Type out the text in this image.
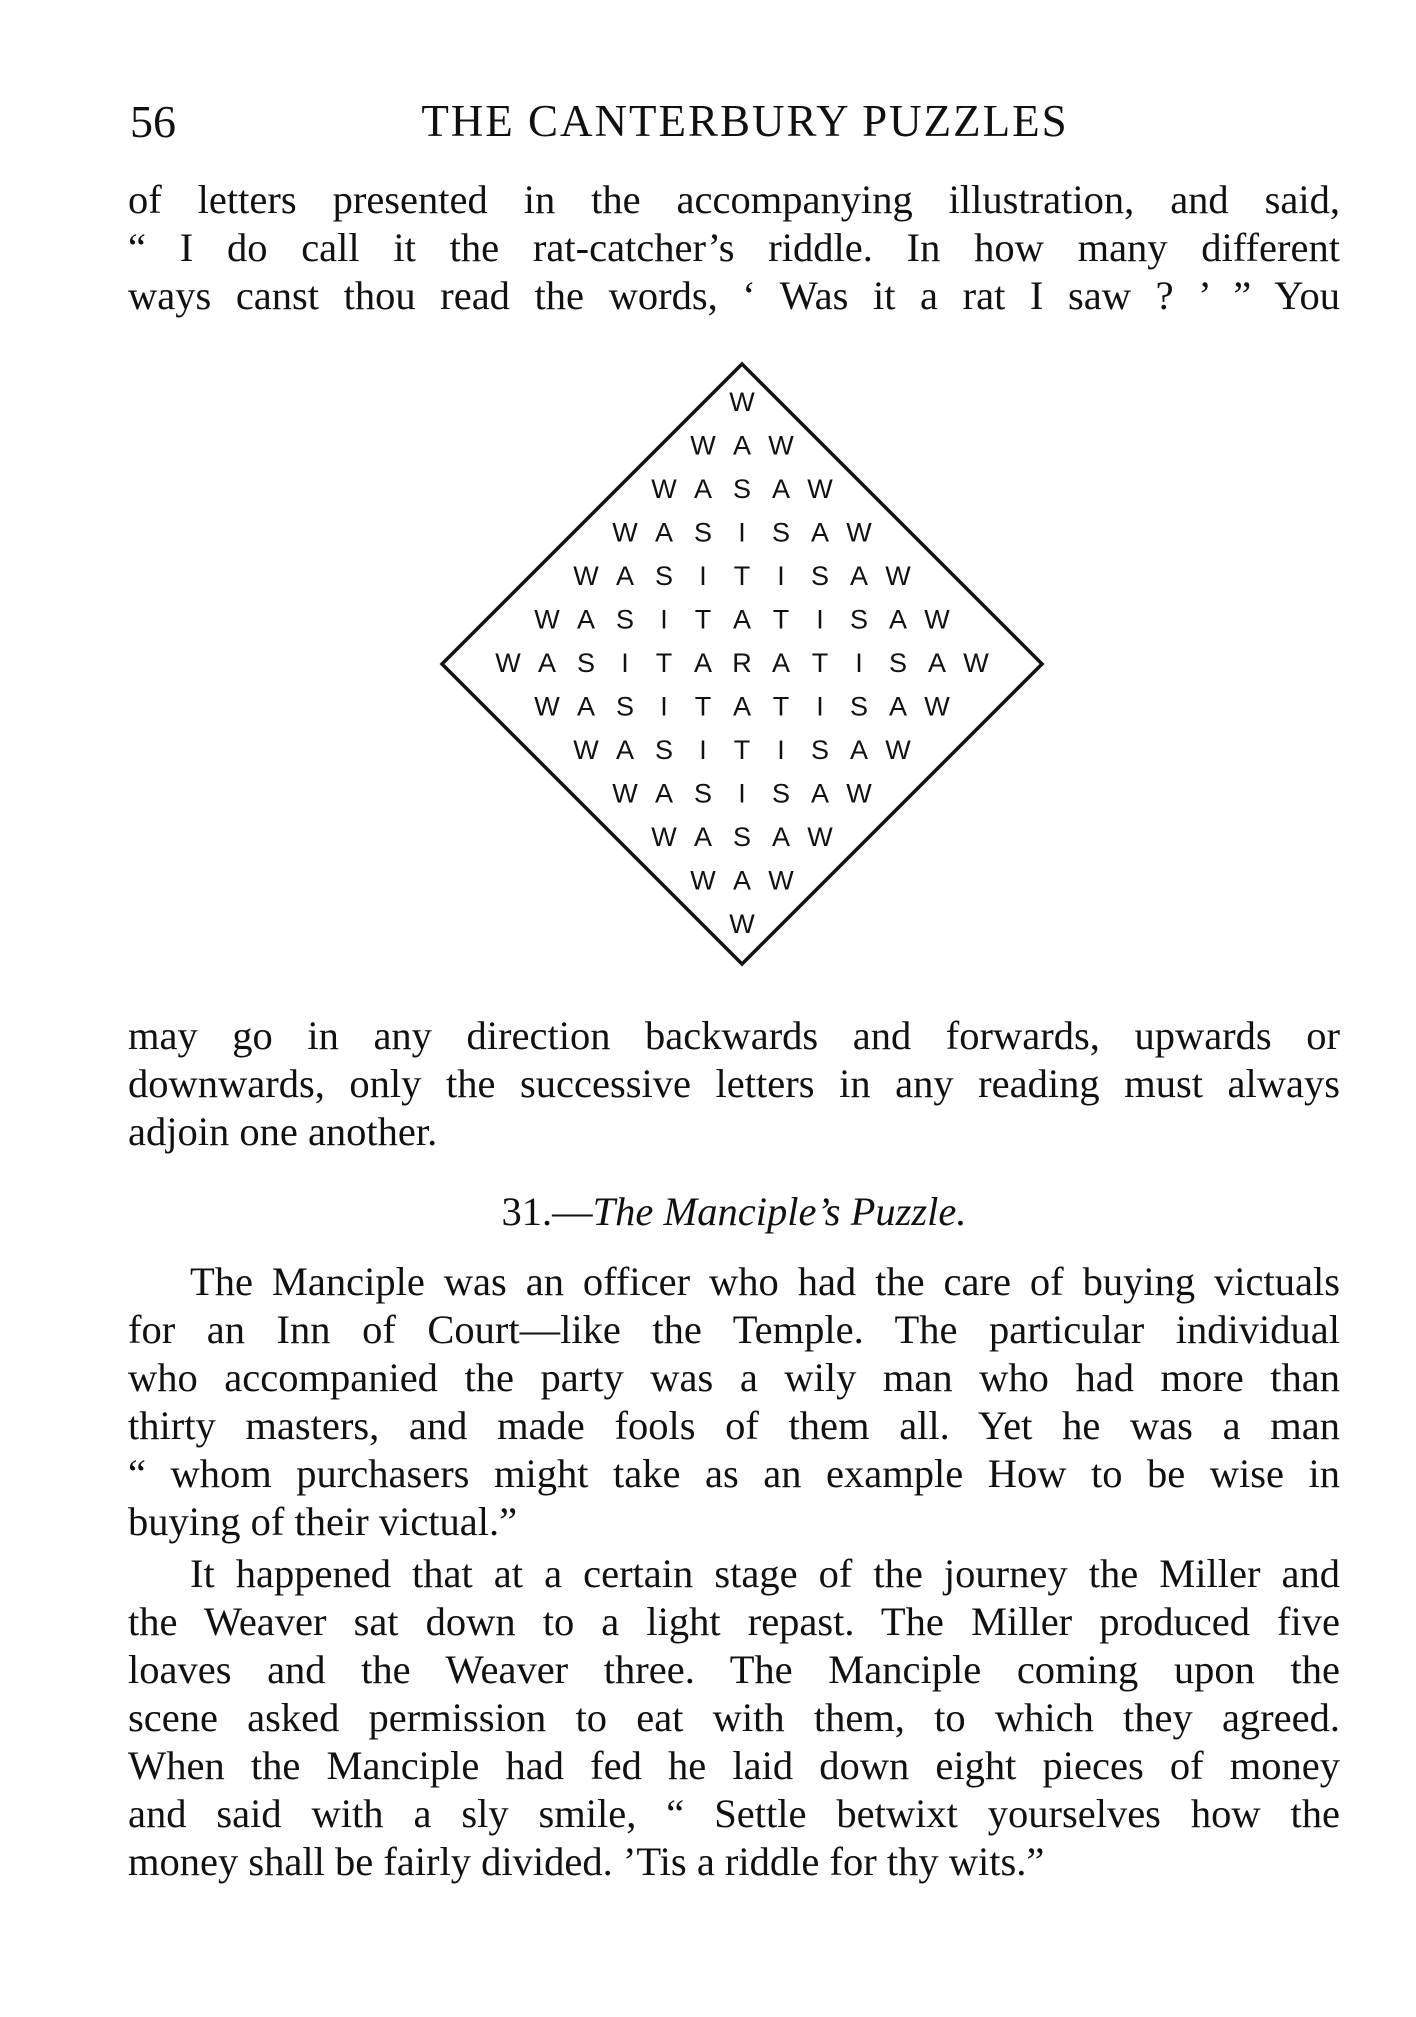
56	THE CANTERBURY PUZZLES
of letters presented in the accompanying illustration, and said,
“ I do call it the rat-catcher’s riddle. In how many different
ways canst thou read the words, ‘ Was it a rat I saw ? ’ ” You
W
W A W
W A S A W
W A S I S A W
W A S I T I S A W
W A S I T A T I S A W
W A S I T A R A T I S A W
W A S I T A T I S A W
W A S I T I S A W
W A S I S A W
W A S A W
W A W
W
may go in any direction backwards and forwards, upwards or
downwards, only the successive letters in any reading must always
adjoin one another.
31.—The Manciple’s Puzzle.
The Manciple was an officer who had the care of buying victuals
for an Inn of Court—like the Temple. The particular individual
who accompanied the party was a wily man who had more than
thirty masters, and made fools of them all. Yet he was a man
“ whom purchasers might take as an example How to be wise in
buying of their victual.”
It happened that at a certain stage of the journey the Miller and
the Weaver sat down to a light repast. The Miller produced five
loaves and the Weaver three. The Manciple coming upon the
scene asked permission to eat with them, to which they agreed.
When the Manciple had fed he laid down eight pieces of money
and said with a sly smile, “ Settle betwixt yourselves how the
money shall be fairly divided. ’Tis a riddle for thy wits.”
